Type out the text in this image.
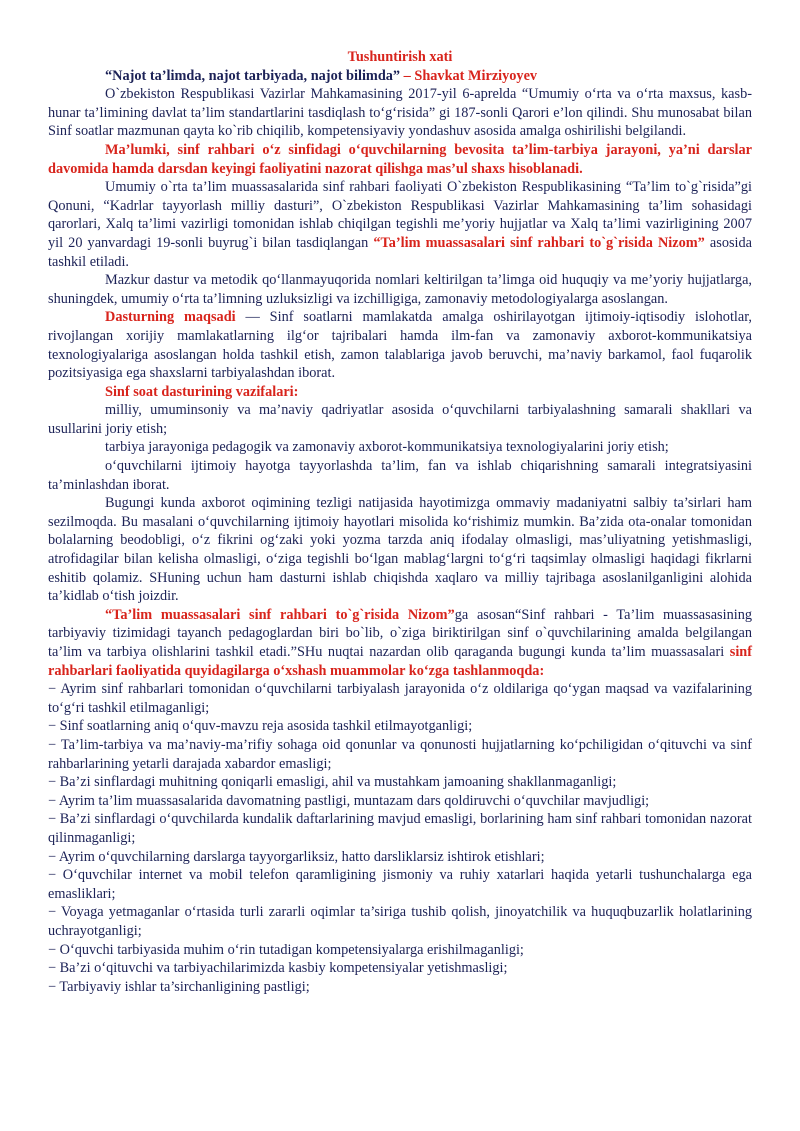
Tushuntirish xati

“Najot ta’limda, najot tarbiyada, najot bilimda” – Shavkat Mirziyoyev

O`zbekiston Respublikasi Vazirlar Mahkamasining 2017-yil 6-aprelda “Umumiy o‘rta va o‘rta maxsus, kasb-hunar ta’limining davlat ta’lim standartlarini tasdiqlash to‘g‘risida” gi 187-sonli Qarori e’lon qilindi. Shu munosabat bilan Sinf soatlar mazmunan qayta ko`rib chiqilib, kompetensiyaviy yondashuv asosida amalga oshirilishi belgilandi.

Ma’lumki, sinf rahbari o‘z sinfidagi o‘quvchilarning bevosita ta’lim-tarbiya jarayoni, ya’ni darslar davomida hamda darsdan keyingi faoliyatini nazorat qilishga mas’ul shaxs hisoblanadi.

Umumiy o`rta ta’lim muassasalarida sinf rahbari faoliyati O`zbekiston Respublikasining “Ta’lim to`g`risida”gi Qonuni, “Kadrlar tayyorlash milliy dasturi”, O`zbekiston Respublikasi Vazirlar Mahkamasining ta’lim sohasidagi qarorlari, Xalq ta’limi vazirligi tomonidan ishlab chiqilgan tegishli me’yoriy hujjatlar va Xalq ta’limi vazirligining 2007 yil 20 yanvardagi 19-sonli buyrug`i bilan tasdiqlangan “Ta’lim muassasalari sinf rahbari to`g`risida Nizom” asosida tashkil etiladi.

Mazkur dastur va metodik qo‘llanmayuqorida nomlari keltirilgan ta’limga oid huquqiy va me’yoriy hujjatlarga, shuningdek, umumiy o‘rta ta’limning uzluksizligi va izchilligiga, zamonaviy metodologiyalarga asoslangan.

Dasturning maqsadi — Sinf soatlarni mamlakatda amalga oshirilayotgan ijtimoiy-iqtisodiy islohotlar, rivojlangan xorijiy mamlakatlarning ilg‘or tajribalari hamda ilm-fan va zamonaviy axborot-kommunikatsiya texnologiyalariga asoslangan holda tashkil etish, zamon talablariga javob beruvchi, ma’naviy barkamol, faol fuqarolik pozitsiyasiga ega shaxslarni tarbiyalashdan iborat.

Sinf soat dasturining vazifalari:

milliy, umuminsoniy va ma’naviy qadriyatlar asosida o‘quvchilarni tarbiyalashning samarali shakllari va usullarini joriy etish;

tarbiya jarayoniga pedagogik va zamonaviy axborot-kommunikatsiya texnologiyalarini joriy etish;

o‘quvchilarni ijtimoiy hayotga tayyorlashda ta’lim, fan va ishlab chiqarishning samarali integratsiyasini ta’minlashdan iborat.

Bugungi kunda axborot oqimining tezligi natijasida hayotimizga ommaviy madaniyatni salbiy ta’sirlari ham sezilmoqda. Bu masalani o‘quvchilarning ijtimoiy hayotlari misolida ko‘rishimiz mumkin. Ba’zida ota-onalar tomonidan bolalarning beodobligi, o‘z fikrini og‘zaki yoki yozma tarzda aniq ifodalay olmasligi, mas’uliyatning yetishmasligi, atrofidagilar bilan kelisha olmasligi, o‘ziga tegishli bo‘lgan mablag‘largni to‘g‘ri taqsimlay olmasligi haqidagi fikrlarni eshitib qolamiz. SHuning uchun ham dasturni ishlab chiqishda xaqlaro va milliy tajribaga asoslanilganligini alohida ta’kidlab o‘tish joizdir.

“Ta’lim muassasalari sinf rahbari to`g`risida Nizom”ga asosan“Sinf rahbari - Ta’lim muassasasining tarbiyaviy tizimidagi tayanch pedagoglardan biri bo`lib, o`ziga biriktirilgan sinf o`quvchilarining amalda belgilangan ta’lim va tarbiya olishlarini tashkil etadi.”SHu nuqtai nazardan olib qaraganda bugungi kunda ta’lim muassasalari sinf rahbarlari faoliyatida quyidagilarga o‘xshash muammolar ko‘zga tashlanmoqda:

− Ayrim sinf rahbarlari tomonidan o‘quvchilarni tarbiyalash jarayonida o‘z oldilariga qo‘ygan maqsad va vazifalarining to‘g‘ri tashkil etilmaganligi;

− Sinf soatlarning aniq o‘quv-mavzu reja asosida tashkil etilmayotganligi;

− Ta’lim-tarbiya va ma’naviy-ma’rifiy sohaga oid qonunlar va qonunosti hujjatlarning ko‘pchiligidan o‘qituvchi va sinf rahbarlarining yetarli darajada xabardor emasligi;

− Ba’zi sinflardagi muhitning qoniqarli emasligi, ahil va mustahkam jamoaning shakllanmaganligi;

− Ayrim ta’lim muassasalarida davomatning pastligi, muntazam dars qoldiruvchi o‘quvchilar mavjudligi;

− Ba’zi sinflardagi o‘quvchilarda kundalik daftarlarining mavjud emasligi, borlarining ham sinf rahbari tomonidan nazorat qilinmaganligi;

− Ayrim o‘quvchilarning darslarga tayyorgarliksiz, hatto darsliklarsiz ishtirok etishlari;

− O‘quvchilar internet va mobil telefon qaramligining jismoniy va ruhiy xatarlari haqida yetarli tushunchalarga ega emasliklari;

− Voyaga yetmaganlar o‘rtasida turli zararli oqimlar ta’siriga tushib qolish, jinoyatchilik va huquqbuzarlik holatlarining uchrayotganligi;

− O‘quvchi tarbiyasida muhim o‘rin tutadigan kompetensiyalarga erishilmaganligi;

− Ba’zi o‘qituvchi va tarbiyachilarimizda kasbiy kompetensiyalar yetishmasligi;

− Tarbiyaviy ishlar ta’sirchanligining pastligi;
